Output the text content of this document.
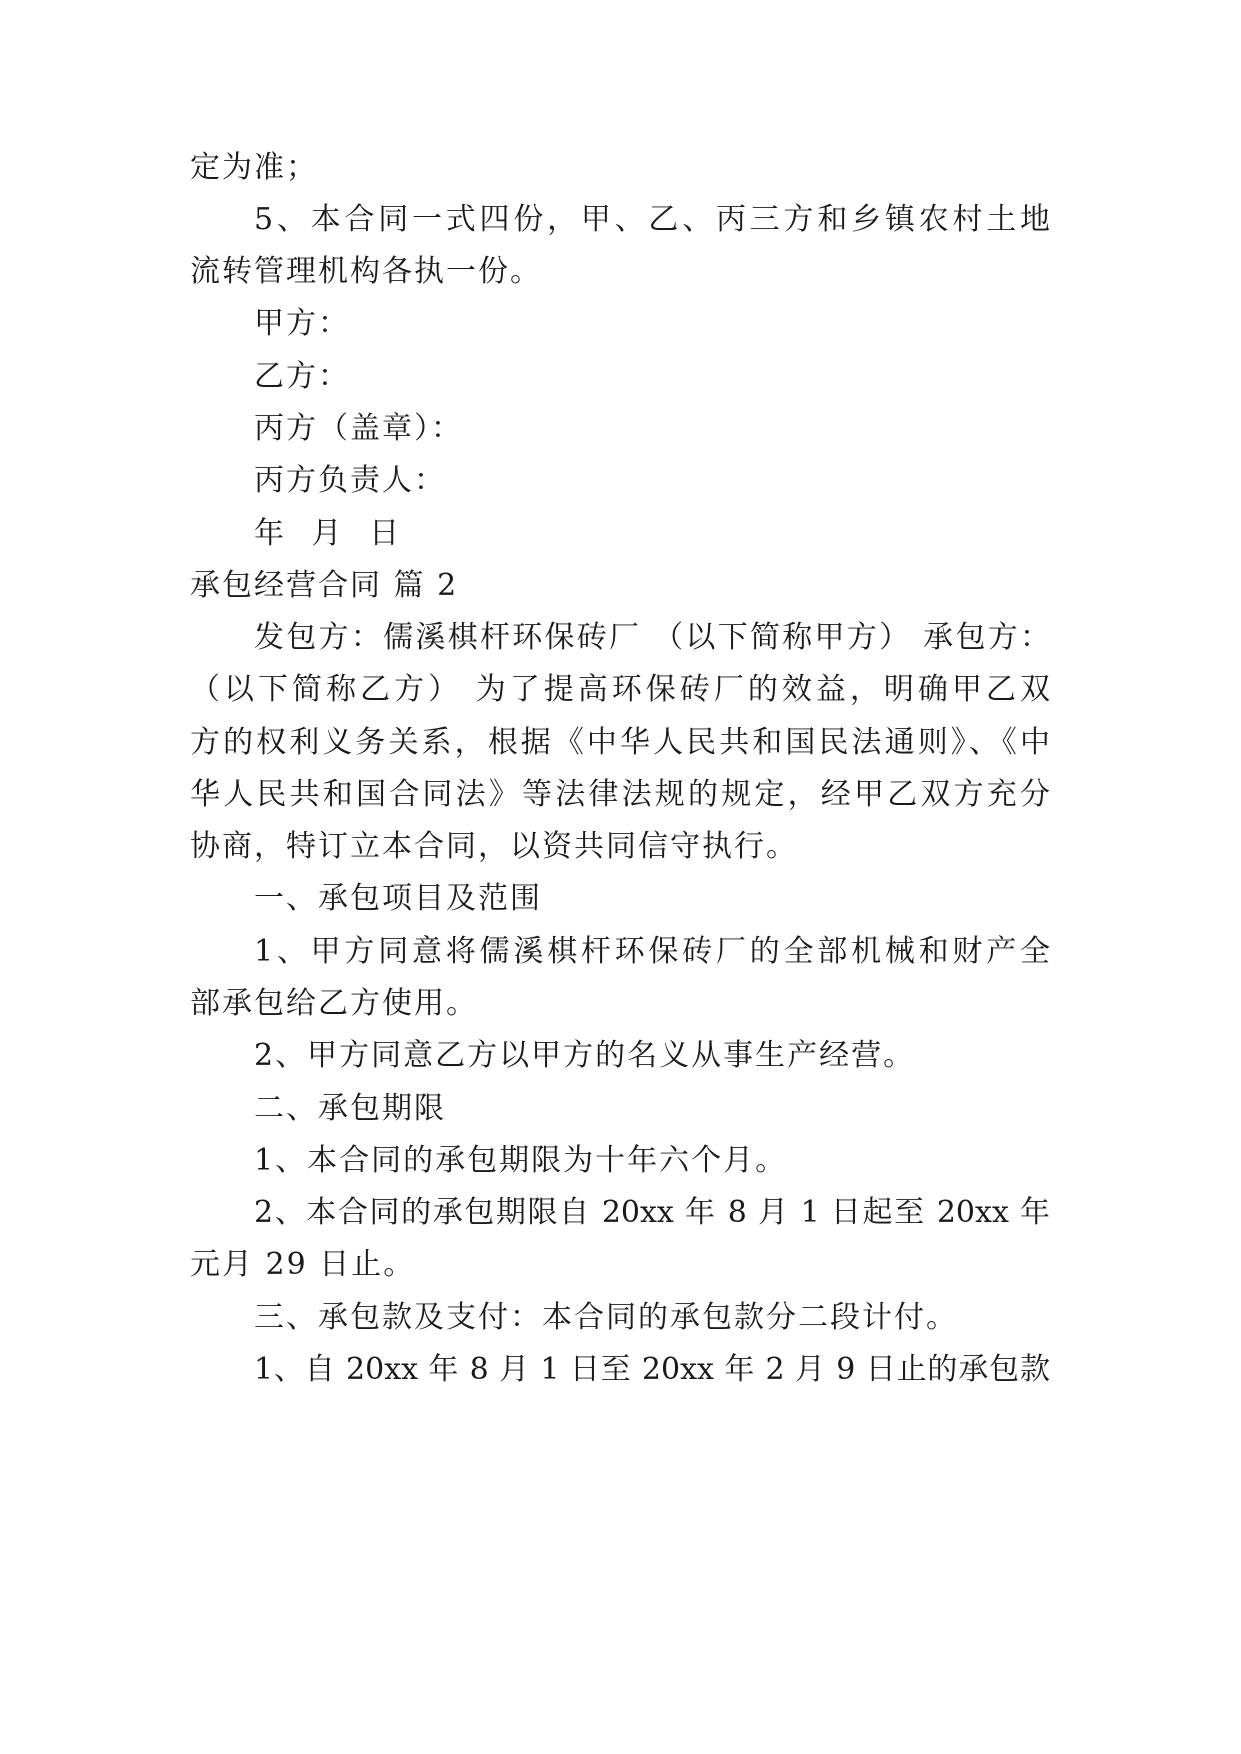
定为准；
5、本合同一式四份，甲、乙、丙三方和乡镇农村土地
流转管理机构各执一份。
甲方：
乙方：
丙方（盖章）：
丙方负责人：
年 月 日
承包经营合同 篇 2
发包方：儒溪棋杆环保砖厂 （以下简称甲方） 承包方：
（以下简称乙方） 为了提高环保砖厂的效益，明确甲乙双
方的权利义务关系，根据《中华人民共和国民法通则》、《中
华人民共和国合同法》等法律法规的规定，经甲乙双方充分
协商，特订立本合同，以资共同信守执行。
一、承包项目及范围
1、甲方同意将儒溪棋杆环保砖厂的全部机械和财产全
部承包给乙方使用。
2、甲方同意乙方以甲方的名义从事生产经营。
二、承包期限
1、本合同的承包期限为十年六个月。
2、本合同的承包期限自 20xx 年 8 月 1 日起至 20xx 年
元月 29 日止。
三、承包款及支付：本合同的承包款分二段计付。
1、自 20xx 年 8 月 1 日至 20xx 年 2 月 9 日止的承包款
